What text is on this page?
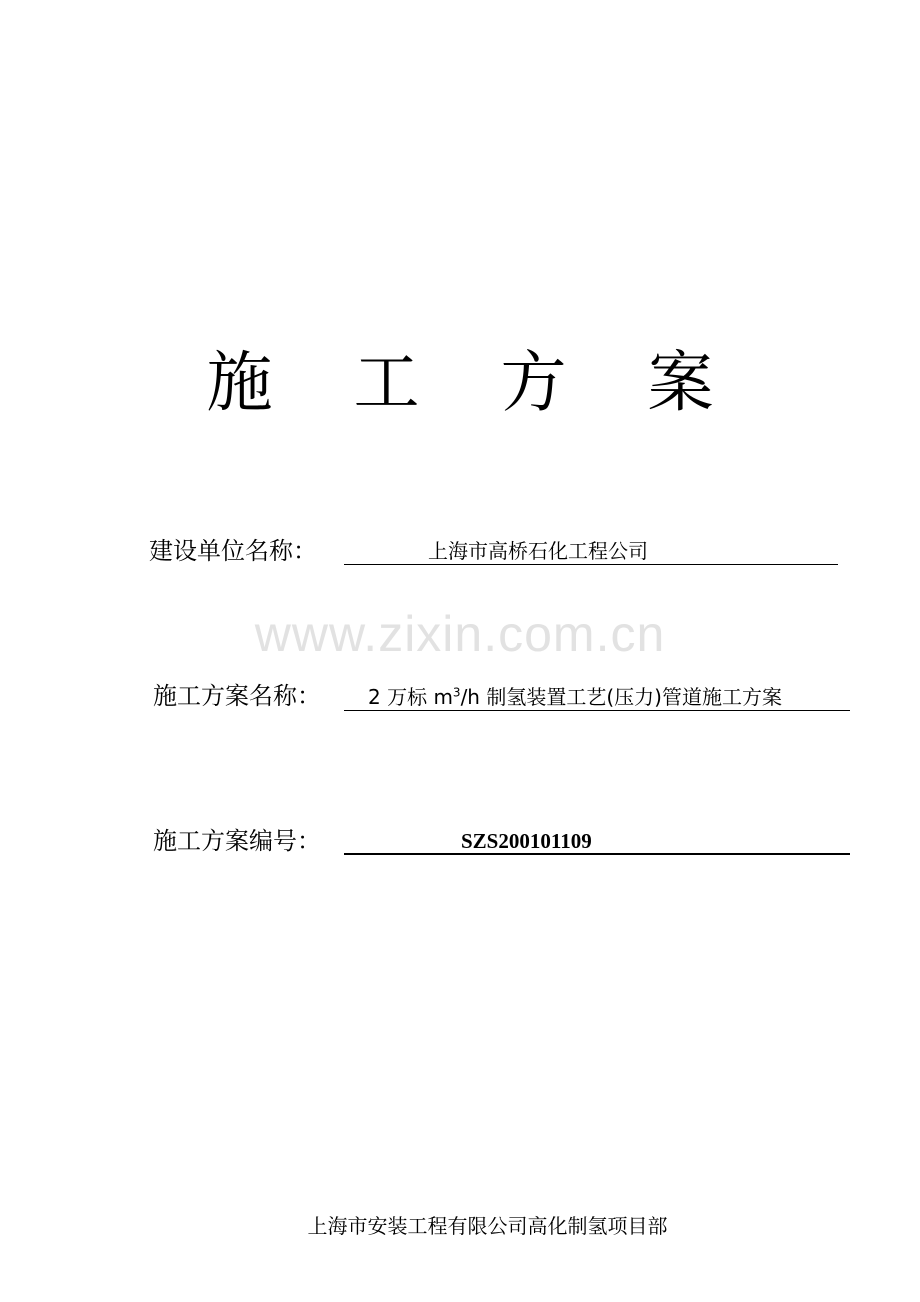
施 工 方 案
建设单位名称：	上海市高桥石化工程公司
www.zixin.com.cn
施工方案名称： 2 万标 $m^3/h$ 制氢装置工艺(压力)管道施工方案
施工方案编号：	SZS200101109
上海市安装工程有限公司高化制氢项目部
